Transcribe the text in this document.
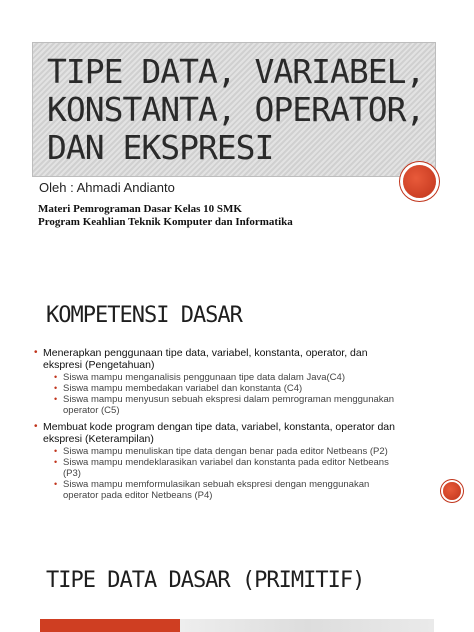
TIPE DATA, VARIABEL,
KONSTANTA, OPERATOR,
DAN EKSPRESI
Oleh : Ahmadi Andianto
Materi Pemrograman Dasar Kelas 10 SMK
Program Keahlian Teknik Komputer dan Informatika
KOMPETENSI DASAR
• Menerapkan penggunaan tipe data, variabel, konstanta, operator, dan ekspresi (Pengetahuan)
• Siswa mampu menganalisis penggunaan tipe data dalam Java(C4)
• Siswa mampu membedakan variabel dan konstanta (C4)
• Siswa mampu menyusun sebuah ekspresi dalam pemrograman menggunakan operator (C5)
• Membuat kode program dengan tipe data, variabel, konstanta, operator dan ekspresi (Keterampilan)
• Siswa mampu menuliskan tipe data dengan benar pada editor Netbeans (P2)
• Siswa mampu mendeklarasikan variabel dan konstanta pada editor Netbeans (P3)
• Siswa mampu memformulasikan sebuah ekspresi dengan menggunakan operator pada editor Netbeans (P4)
TIPE DATA DASAR (PRIMITIF)
